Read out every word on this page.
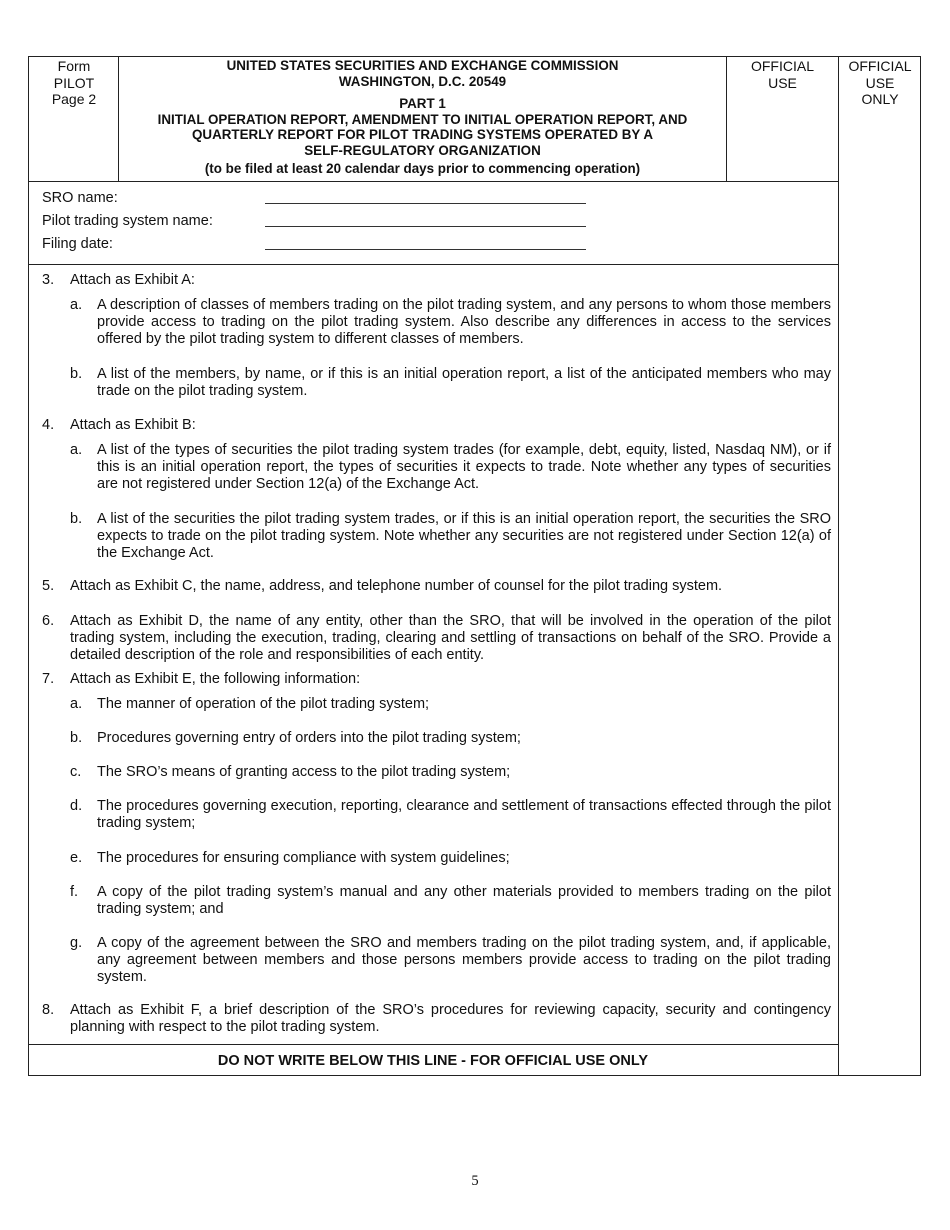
Form
PILOT
Page 2
UNITED STATES SECURITIES AND EXCHANGE COMMISSION
WASHINGTON, D.C. 20549
PART 1
INITIAL OPERATION REPORT, AMENDMENT TO INITIAL OPERATION REPORT, AND
QUARTERLY REPORT FOR PILOT TRADING SYSTEMS OPERATED BY A
SELF-REGULATORY ORGANIZATION
(to be filed at least 20 calendar days prior to commencing operation)
OFFICIAL
USE
OFFICIAL
USE
ONLY
SRO name:
Pilot trading system name:
Filing date:
3. Attach as Exhibit A:
a. A description of classes of members trading on the pilot trading system, and any persons to whom those members provide access to trading on the pilot trading system. Also describe any differences in access to the services offered by the pilot trading system to different classes of members.
b. A list of the members, by name, or if this is an initial operation report, a list of the anticipated members who may trade on the pilot trading system.
4. Attach as Exhibit B:
a. A list of the types of securities the pilot trading system trades (for example, debt, equity, listed, Nasdaq NM), or if this is an initial operation report, the types of securities it expects to trade. Note whether any types of securities are not registered under Section 12(a) of the Exchange Act.
b. A list of the securities the pilot trading system trades, or if this is an initial operation report, the securities the SRO expects to trade on the pilot trading system. Note whether any securities are not registered under Section 12(a) of the Exchange Act.
5. Attach as Exhibit C, the name, address, and telephone number of counsel for the pilot trading system.
6. Attach as Exhibit D, the name of any entity, other than the SRO, that will be involved in the operation of the pilot trading system, including the execution, trading, clearing and settling of transactions on behalf of the SRO. Provide a detailed description of the role and responsibilities of each entity.
7. Attach as Exhibit E, the following information:
a. The manner of operation of the pilot trading system;
b. Procedures governing entry of orders into the pilot trading system;
c. The SRO’s means of granting access to the pilot trading system;
d. The procedures governing execution, reporting, clearance and settlement of transactions effected through the pilot trading system;
e. The procedures for ensuring compliance with system guidelines;
f. A copy of the pilot trading system’s manual and any other materials provided to members trading on the pilot trading system; and
g. A copy of the agreement between the SRO and members trading on the pilot trading system, and, if applicable, any agreement between members and those persons members provide access to trading on the pilot trading system.
8. Attach as Exhibit F, a brief description of the SRO’s procedures for reviewing capacity, security and contingency planning with respect to the pilot trading system.
DO NOT WRITE BELOW THIS LINE - FOR OFFICIAL USE ONLY
5
